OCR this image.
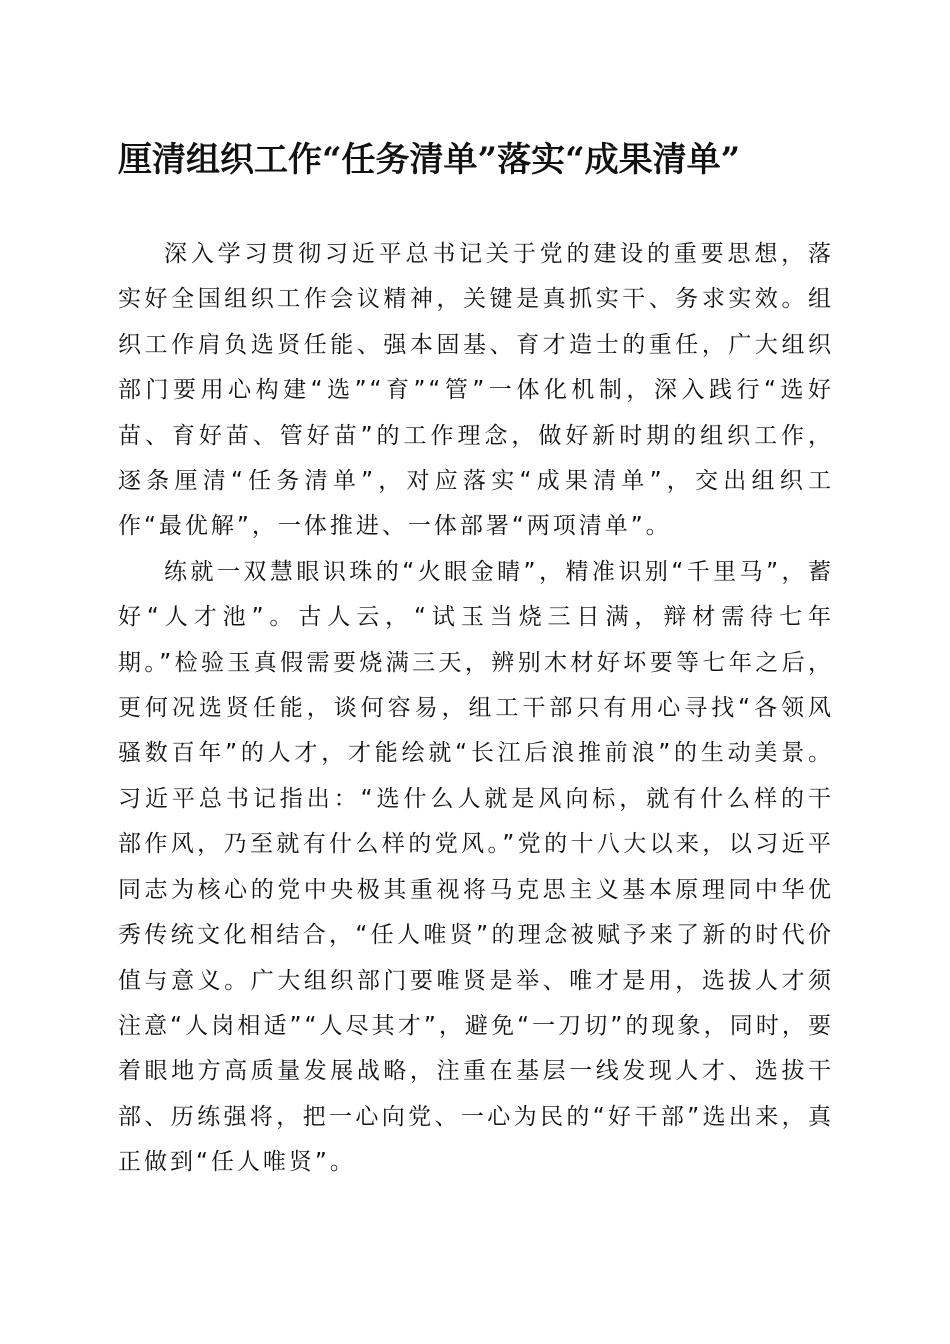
厘清组织工作“任务清单”落实“成果清单”

深入学习贯彻习近平总书记关于党的建设的重要思想，落实好全国组织工作会议精神，关键是真抓实干、务求实效。组织工作肩负选贤任能、强本固基、育才造士的重任，广大组织部门要用心构建“选”“育”“管”一体化机制，深入践行“选好苗、育好苗、管好苗”的工作理念，做好新时期的组织工作，逐条厘清“任务清单”，对应落实“成果清单”，交出组织工作“最优解”，一体推进、一体部署“两项清单”。

练就一双慧眼识珠的“火眼金睛”，精准识别“千里马”，蓄好“人才池”。古人云，“试玉当烧三日满，辩材需待七年期。”检验玉真假需要烧满三天，辨别木材好坏要等七年之后，更何况选贤任能，谈何容易，组工干部只有用心寻找“各领风骚数百年”的人才，才能绘就“长江后浪推前浪”的生动美景。习近平总书记指出：“选什么人就是风向标，就有什么样的干部作风，乃至就有什么样的党风。”党的十八大以来，以习近平同志为核心的党中央极其重视将马克思主义基本原理同中华优秀传统文化相结合，“任人唯贤”的理念被赋予来了新的时代价值与意义。广大组织部门要唯贤是举、唯才是用，选拔人才须注意“人岗相适”“人尽其才”，避免“一刀切”的现象，同时，要着眼地方高质量发展战略，注重在基层一线发现人才、选拔干部、历练强将，把一心向党、一心为民的“好干部”选出来，真正做到“任人唯贤”。
